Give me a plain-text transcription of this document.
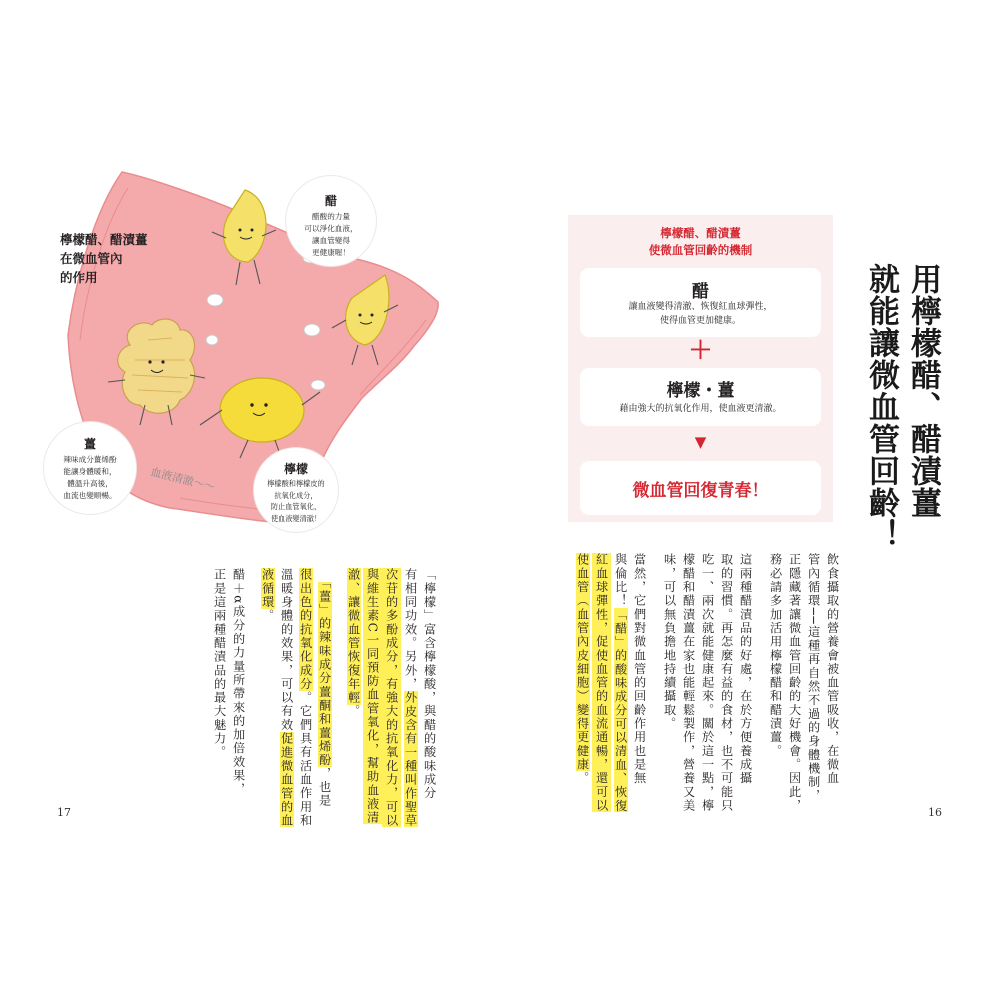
血液清澈～～
檸檬醋、醋漬薑
在微血管內
的作用
醋
醋酸的力量
可以淨化血液，
讓血管變得
更健康喔！
薑
辣味成分薑烯酚
能讓身體暖和，
體溫升高後，
血流也變順暢。
檸檬
檸檬酸和檸檬皮的
抗氧化成分，
防止血管氧化，
使血液變清澈！
「檸檬」富含檸檬酸，與醋的酸味成分
有相同功效。另外，外皮含有一種叫作聖草
次苷的多酚成分，有強大的抗氧化力，可以
與維生素C一同預防血管氧化，幫助血液清
澈、讓微血管恢復年輕。
　「薑」的辣味成分薑酮和薑烯酚，也是
很出色的抗氧化成分。它們具有活血作用和
溫暖身體的效果，可以有效促進微血管的血
液循環。
醋＋α成分的力量所帶來的加倍效果，
正是這兩種醋漬品的最大魅力。
17
用檸檬醋、醋漬薑
就能讓微血管回齡！
檸檬醋、醋漬薑
使微血管回齡的機制
醋
讓血液變得清澈、恢復紅血球彈性，
使得血管更加健康。
＋
檸檬・薑
藉由強大的抗氧化作用，使血液更清澈。
▼
微血管回復青春！
飲食攝取的營養會被血管吸收，在微血
管內循環──這種再自然不過的身體機制，
正隱藏著讓微血管回齡的大好機會。因此，
務必請多加活用檸檬醋和醋漬薑。
這兩種醋漬品的好處，在於方便養成攝
取的習慣。再怎麼有益的食材，也不可能只
吃一、兩次就能健康起來。關於這一點，檸
檬醋和醋漬薑在家也能輕鬆製作，營養又美
味，可以無負擔地持續攝取。
當然，它們對微血管的回齡作用也是無
與倫比！「醋」的酸味成分可以清血、恢復
紅血球彈性，促使血管的血流通暢，還可以
使血管（血管內皮細胞）變得更健康。
16
